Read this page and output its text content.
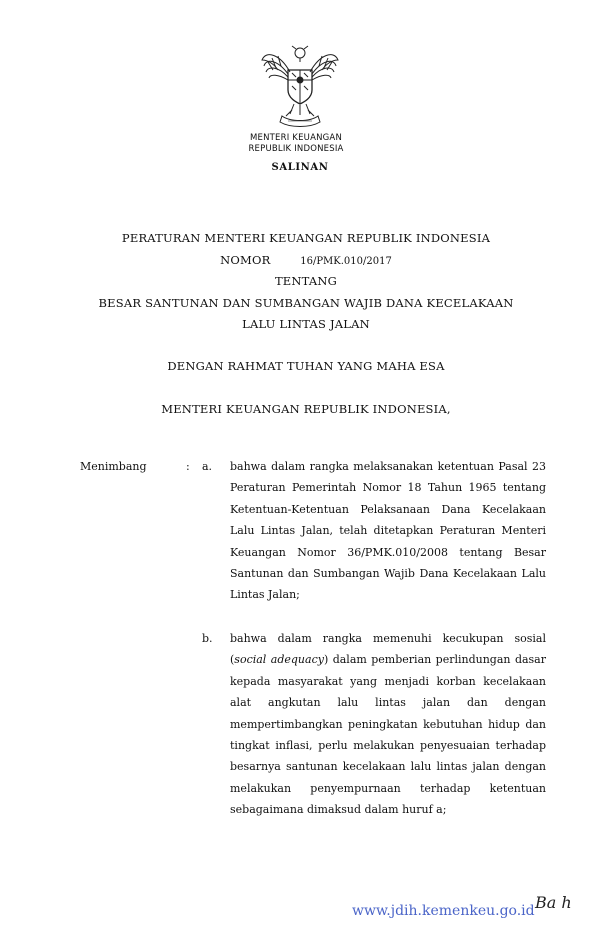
MENTERI KEUANGAN
REPUBLIK INDONESIA
SALINAN
PERATURAN MENTERI KEUANGAN REPUBLIK INDONESIA
NOMOR	16/PMK.010/2017
TENTANG
BESAR SANTUNAN DAN SUMBANGAN WAJIB DANA KECELAKAAN
LALU LINTAS JALAN
DENGAN RAHMAT TUHAN YANG MAHA ESA
MENTERI KEUANGAN REPUBLIK INDONESIA,
Menimbang	: a. bahwa dalam rangka melaksanakan ketentuan Pasal 23 Peraturan Pemerintah Nomor 18 Tahun 1965 tentang Ketentuan-Ketentuan Pelaksanaan Dana Kecelakaan Lalu Lintas Jalan, telah ditetapkan Peraturan Menteri Keuangan Nomor 36/PMK.010/2008 tentang Besar Santunan dan Sumbangan Wajib Dana Kecelakaan Lalu Lintas Jalan;

b. bahwa dalam rangka memenuhi kecukupan sosial (social adequacy) dalam pemberian perlindungan dasar kepada masyarakat yang menjadi korban kecelakaan alat angkutan lalu lintas jalan dan dengan mempertimbangkan peningkatan kebutuhan hidup dan tingkat inflasi, perlu melakukan penyesuaian terhadap besarnya santunan kecelakaan lalu lintas jalan dengan melakukan penyempurnaan terhadap ketentuan sebagaimana dimaksud dalam huruf a;

www.jdih.kemenkeu.go.id Ba h
